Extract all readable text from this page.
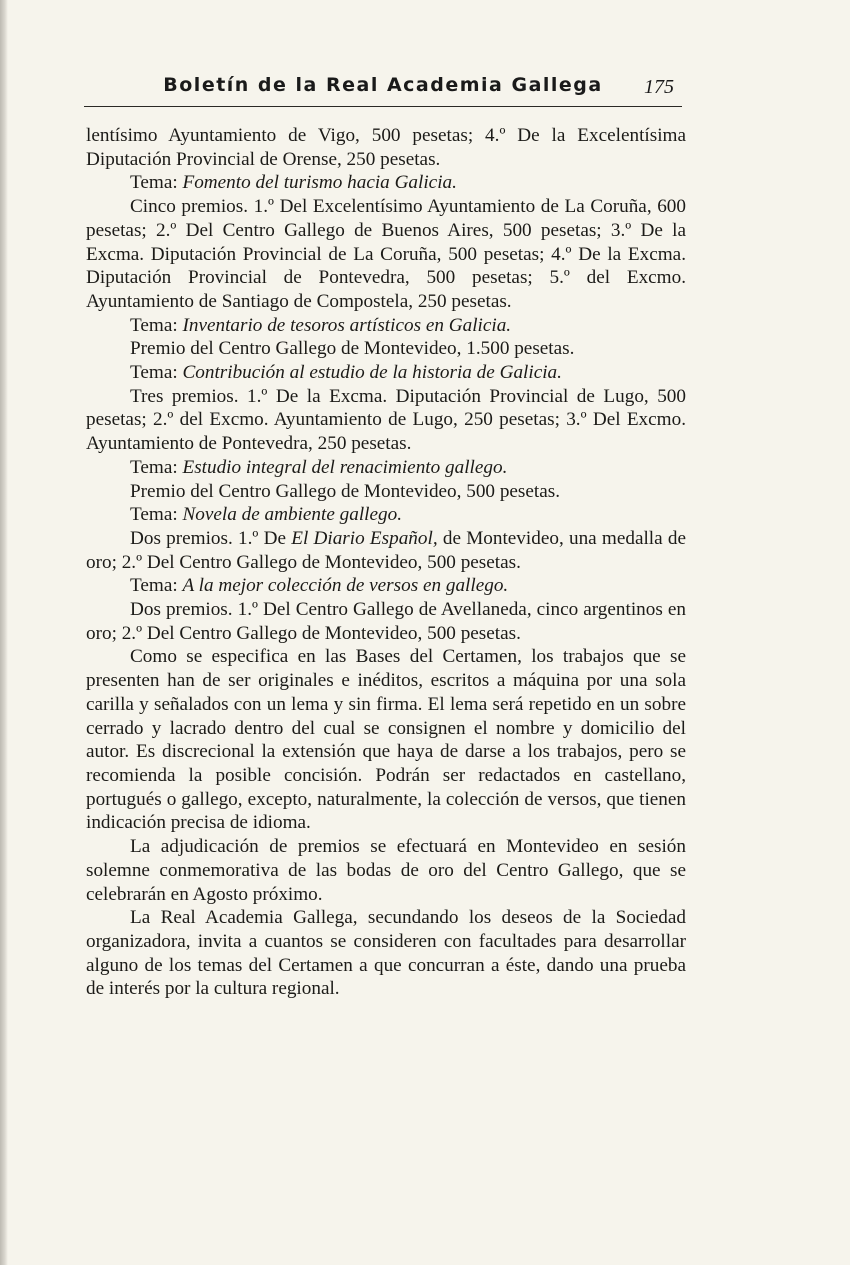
Boletín de la Real Academia Gallega	175

lentísimo Ayuntamiento de Vigo, 500 pesetas; 4.º De la Excelentísima Diputación Provincial de Orense, 250 pesetas.

Tema: Fomento del turismo hacia Galicia.

Cinco premios. 1.º Del Excelentísimo Ayuntamiento de La Coruña, 600 pesetas; 2.º Del Centro Gallego de Buenos Aires, 500 pesetas; 3.º De la Excma. Diputación Provincial de La Coruña, 500 pesetas; 4.º De la Excma. Diputación Provincial de Pontevedra, 500 pesetas; 5.º del Excmo. Ayuntamiento de Santiago de Compostela, 250 pesetas.

Tema: Inventario de tesoros artísticos en Galicia.

Premio del Centro Gallego de Montevideo, 1.500 pesetas.

Tema: Contribución al estudio de la historia de Galicia.

Tres premios. 1.º De la Excma. Diputación Provincial de Lugo, 500 pesetas; 2.º del Excmo. Ayuntamiento de Lugo, 250 pesetas; 3.º Del Excmo. Ayuntamiento de Pontevedra, 250 pesetas.

Tema: Estudio integral del renacimiento gallego.

Premio del Centro Gallego de Montevideo, 500 pesetas.

Tema: Novela de ambiente gallego.

Dos premios. 1.º De El Diario Español, de Montevideo, una medalla de oro; 2.º Del Centro Gallego de Montevideo, 500 pesetas.

Tema: A la mejor colección de versos en gallego.

Dos premios. 1.º Del Centro Gallego de Avellaneda, cinco argentinos en oro; 2.º Del Centro Gallego de Montevideo, 500 pesetas.

Como se especifica en las Bases del Certamen, los trabajos que se presenten han de ser originales e inéditos, escritos a máquina por una sola carilla y señalados con un lema y sin firma. El lema será repetido en un sobre cerrado y lacrado dentro del cual se consignen el nombre y domicilio del autor. Es discrecional la extensión que haya de darse a los trabajos, pero se recomienda la posible concisión. Podrán ser redactados en castellano, portugués o gallego, excepto, naturalmente, la colección de versos, que tienen indicación precisa de idioma.

La adjudicación de premios se efectuará en Montevideo en sesión solemne conmemorativa de las bodas de oro del Centro Gallego, que se celebrarán en Agosto próximo.

La Real Academia Gallega, secundando los deseos de la Sociedad organizadora, invita a cuantos se consideren con facultades para desarrollar alguno de los temas del Certamen a que concurran a éste, dando una prueba de interés por la cultura regional.
